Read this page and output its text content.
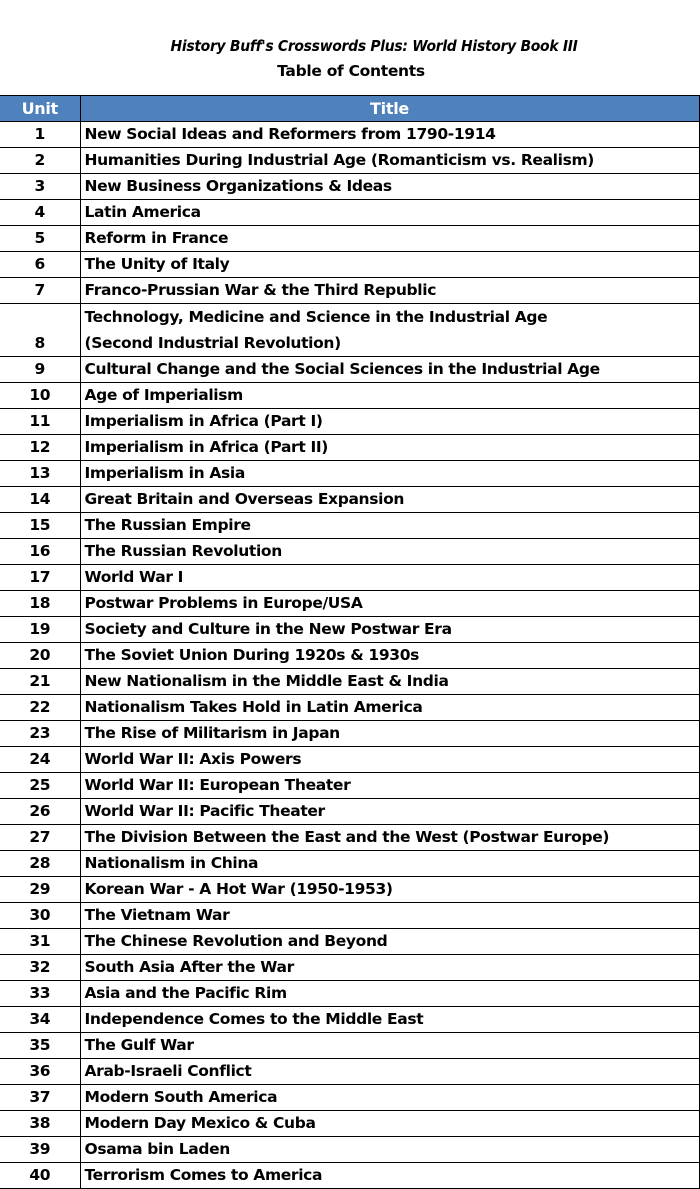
History Buff's Crosswords Plus: World History Book III
Table of Contents
Unit	Title
1	New Social Ideas and Reformers from 1790-1914
2	Humanities During Industrial Age (Romanticism vs. Realism)
3	New Business Organizations & Ideas
4	Latin America
5	Reform in France
6	The Unity of Italy
7	Franco-Prussian War & the Third Republic
8	Technology, Medicine and Science in the Industrial Age
(Second Industrial Revolution)

9	Cultural Change and the Social Sciences in the Industrial Age
10	Age of Imperialism
11	Imperialism in Africa (Part I)
12	Imperialism in Africa (Part II)
13	Imperialism in Asia
14	Great Britain and Overseas Expansion
15	The Russian Empire
16	The Russian Revolution
17	World War I
18	Postwar Problems in Europe/USA
19	Society and Culture in the New Postwar Era
20	The Soviet Union During 1920s & 1930s
21	New Nationalism in the Middle East & India
22	Nationalism Takes Hold in Latin America
23	The Rise of Militarism in Japan
24	World War II: Axis Powers
25	World War II: European Theater
26	World War II: Pacific Theater
27	The Division Between the East and the West (Postwar Europe)
28	Nationalism in China
29	Korean War - A Hot War (1950-1953)
30	The Vietnam War
31	The Chinese Revolution and Beyond
32	South Asia After the War
33	Asia and the Pacific Rim
34	Independence Comes to the Middle East
35	The Gulf War
36	Arab-Israeli Conflict
37	Modern South America
38	Modern Day Mexico & Cuba
39	Osama bin Laden
40	Terrorism Comes to America
